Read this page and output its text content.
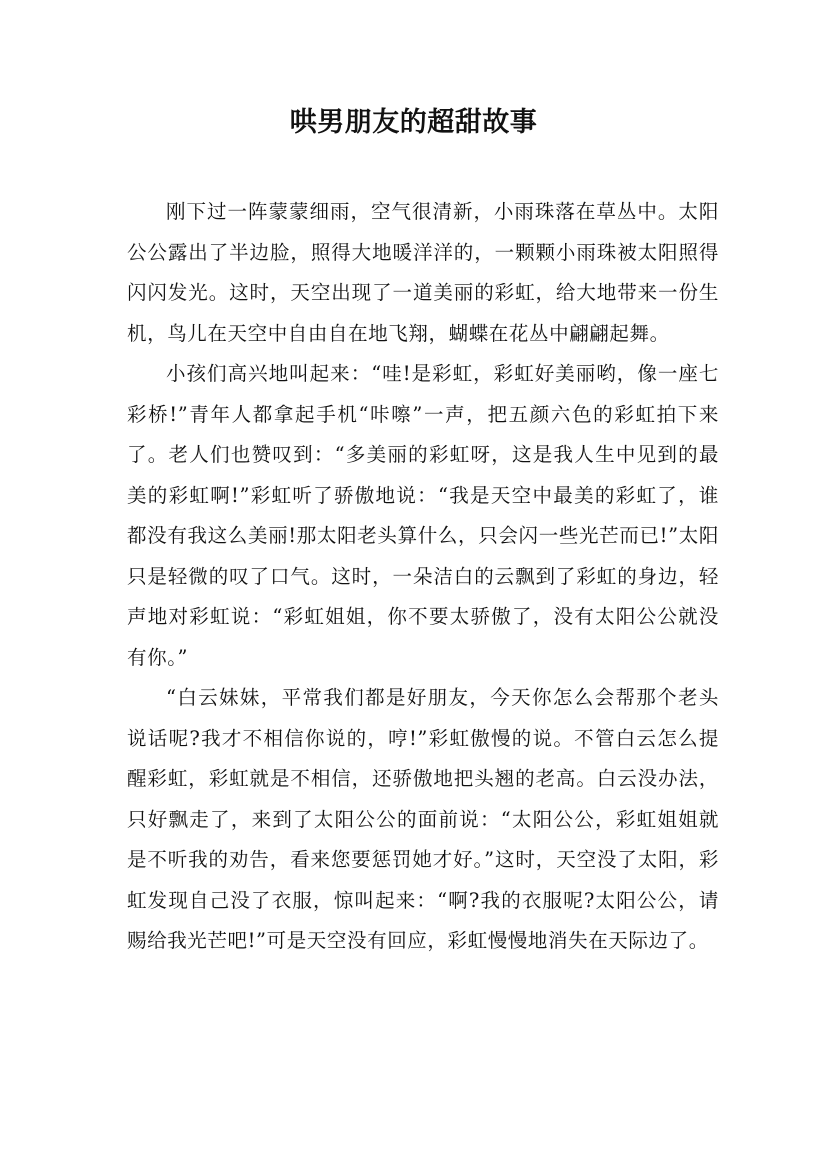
哄男朋友的超甜故事

刚下过一阵蒙蒙细雨，空气很清新，小雨珠落在草丛中。太阳公公露出了半边脸，照得大地暖洋洋的，一颗颗小雨珠被太阳照得闪闪发光。这时，天空出现了一道美丽的彩虹，给大地带来一份生机，鸟儿在天空中自由自在地飞翔，蝴蝶在花丛中翩翩起舞。

小孩们高兴地叫起来：“哇!是彩虹，彩虹好美丽哟，像一座七彩桥!”青年人都拿起手机“咔嚓”一声，把五颜六色的彩虹拍下来了。老人们也赞叹到：“多美丽的彩虹呀，这是我人生中见到的最美的彩虹啊!”彩虹听了骄傲地说：“我是天空中最美的彩虹了，谁都没有我这么美丽!那太阳老头算什么，只会闪一些光芒而已!”太阳只是轻微的叹了口气。这时，一朵洁白的云飘到了彩虹的身边，轻声地对彩虹说：“彩虹姐姐，你不要太骄傲了，没有太阳公公就没有你。”

“白云妹妹，平常我们都是好朋友，今天你怎么会帮那个老头说话呢?我才不相信你说的，哼!”彩虹傲慢的说。不管白云怎么提醒彩虹，彩虹就是不相信，还骄傲地把头翘的老高。白云没办法，只好飘走了，来到了太阳公公的面前说：“太阳公公，彩虹姐姐就是不听我的劝告，看来您要惩罚她才好。”这时，天空没了太阳，彩虹发现自己没了衣服，惊叫起来：“啊?我的衣服呢?太阳公公，请赐给我光芒吧!”可是天空没有回应，彩虹慢慢地消失在天际边了。
